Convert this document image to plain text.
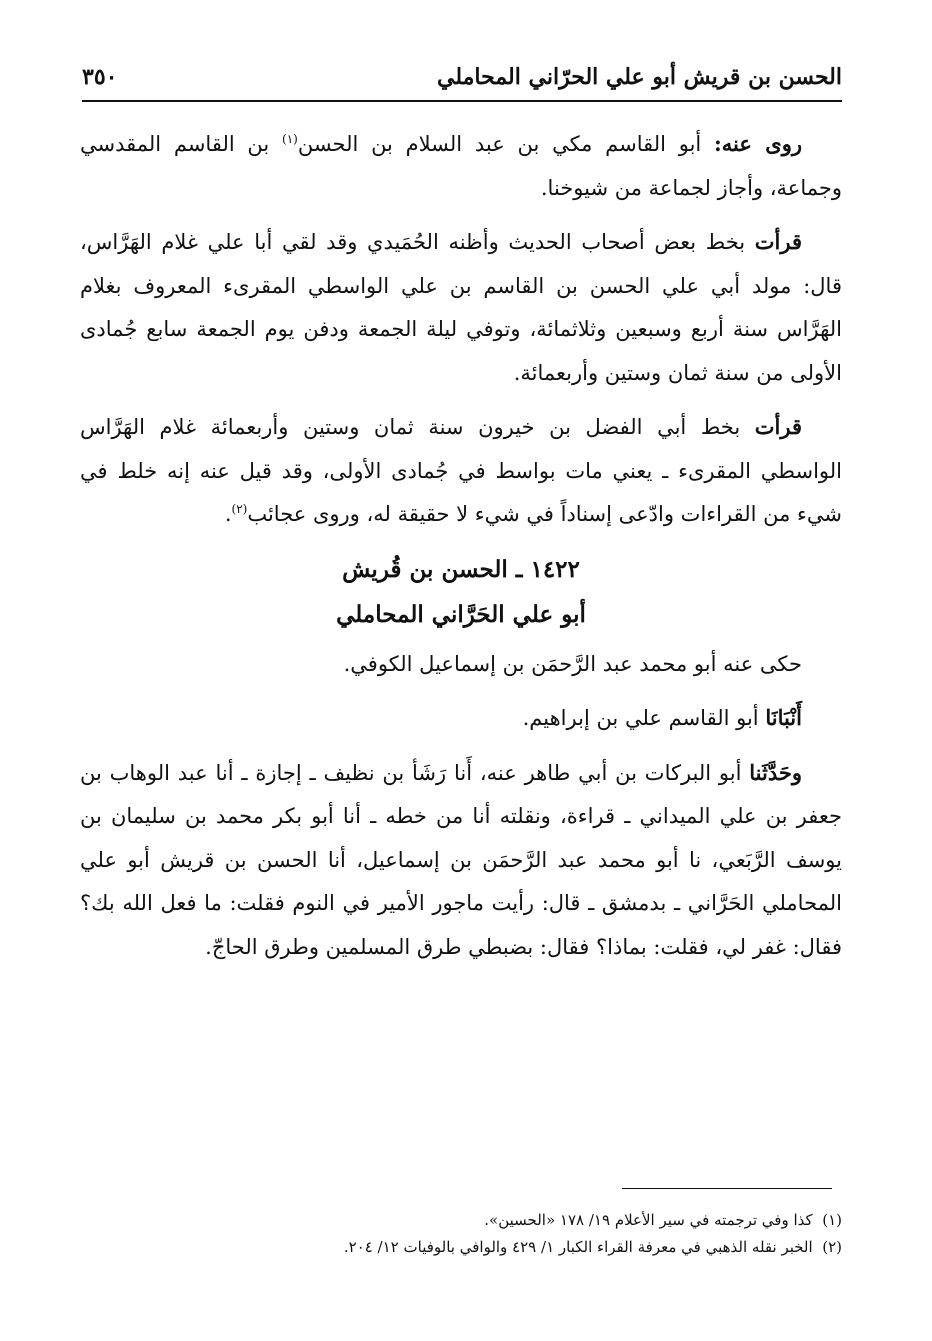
الحسن بن قريش أبو علي الحرّاني المحاملي
٣٥٠

روى عنه: أبو القاسم مكي بن عبد السلام بن الحسن$^{(١)}$ بن القاسم المقدسي وجماعة، وأجاز لجماعة من شيوخنا.

قرأت بخط بعض أصحاب الحديث وأظنه الحُمَيدي وقد لقي أبا علي غلام الهَرَّاس، قال: مولد أبي علي الحسن بن القاسم بن علي الواسطي المقرىء المعروف بغلام الهَرَّاس سنة أربع وسبعين وثلاثمائة، وتوفي ليلة الجمعة ودفن يوم الجمعة سابع جُمادى الأولى من سنة ثمان وستين وأربعمائة.

قرأت بخط أبي الفضل بن خيرون سنة ثمان وستين وأربعمائة غلام الهَرَّاس الواسطي المقرىء ـ يعني مات بواسط في جُمادى الأولى، وقد قيل عنه إنه خلط في شيء من القراءات وادّعى إسناداً في شيء لا حقيقة له، وروى عجائب$^{(٢)}$.

١٤٢٢ ـ الحسن بن قُريش
أبو علي الحَرَّاني المحاملي

حكى عنه أبو محمد عبد الرَّحمَن بن إسماعيل الكوفي.

أَنْبَانَا أبو القاسم علي بن إبراهيم.

وحَدَّثَنا أبو البركات بن أبي طاهر عنه، أَنا رَشَأ بن نظيف ـ إجازة ـ أنا عبد الوهاب بن جعفر بن علي الميداني ـ قراءة، ونقلته أنا من خطه ـ أنا أبو بكر محمد بن سليمان بن يوسف الرَّبَعي، نا أبو محمد عبد الرَّحمَن بن إسماعيل، أنا الحسن بن قريش أبو علي المحاملي الحَرَّاني ـ بدمشق ـ قال: رأيت ماجور الأمير في النوم فقلت: ما فعل الله بك؟ فقال: غفر لي، فقلت: بماذا؟ فقال: بضبطي طرق المسلمين وطرق الحاجّ.

(١)  كذا وفي ترجمته في سير الأعلام ١٩/ ١٧٨ «الحسين».
(٢)  الخبر نقله الذهبي في معرفة القراء الكبار ١/ ٤٢٩ والوافي بالوفيات ١٢/ ٢٠٤.
